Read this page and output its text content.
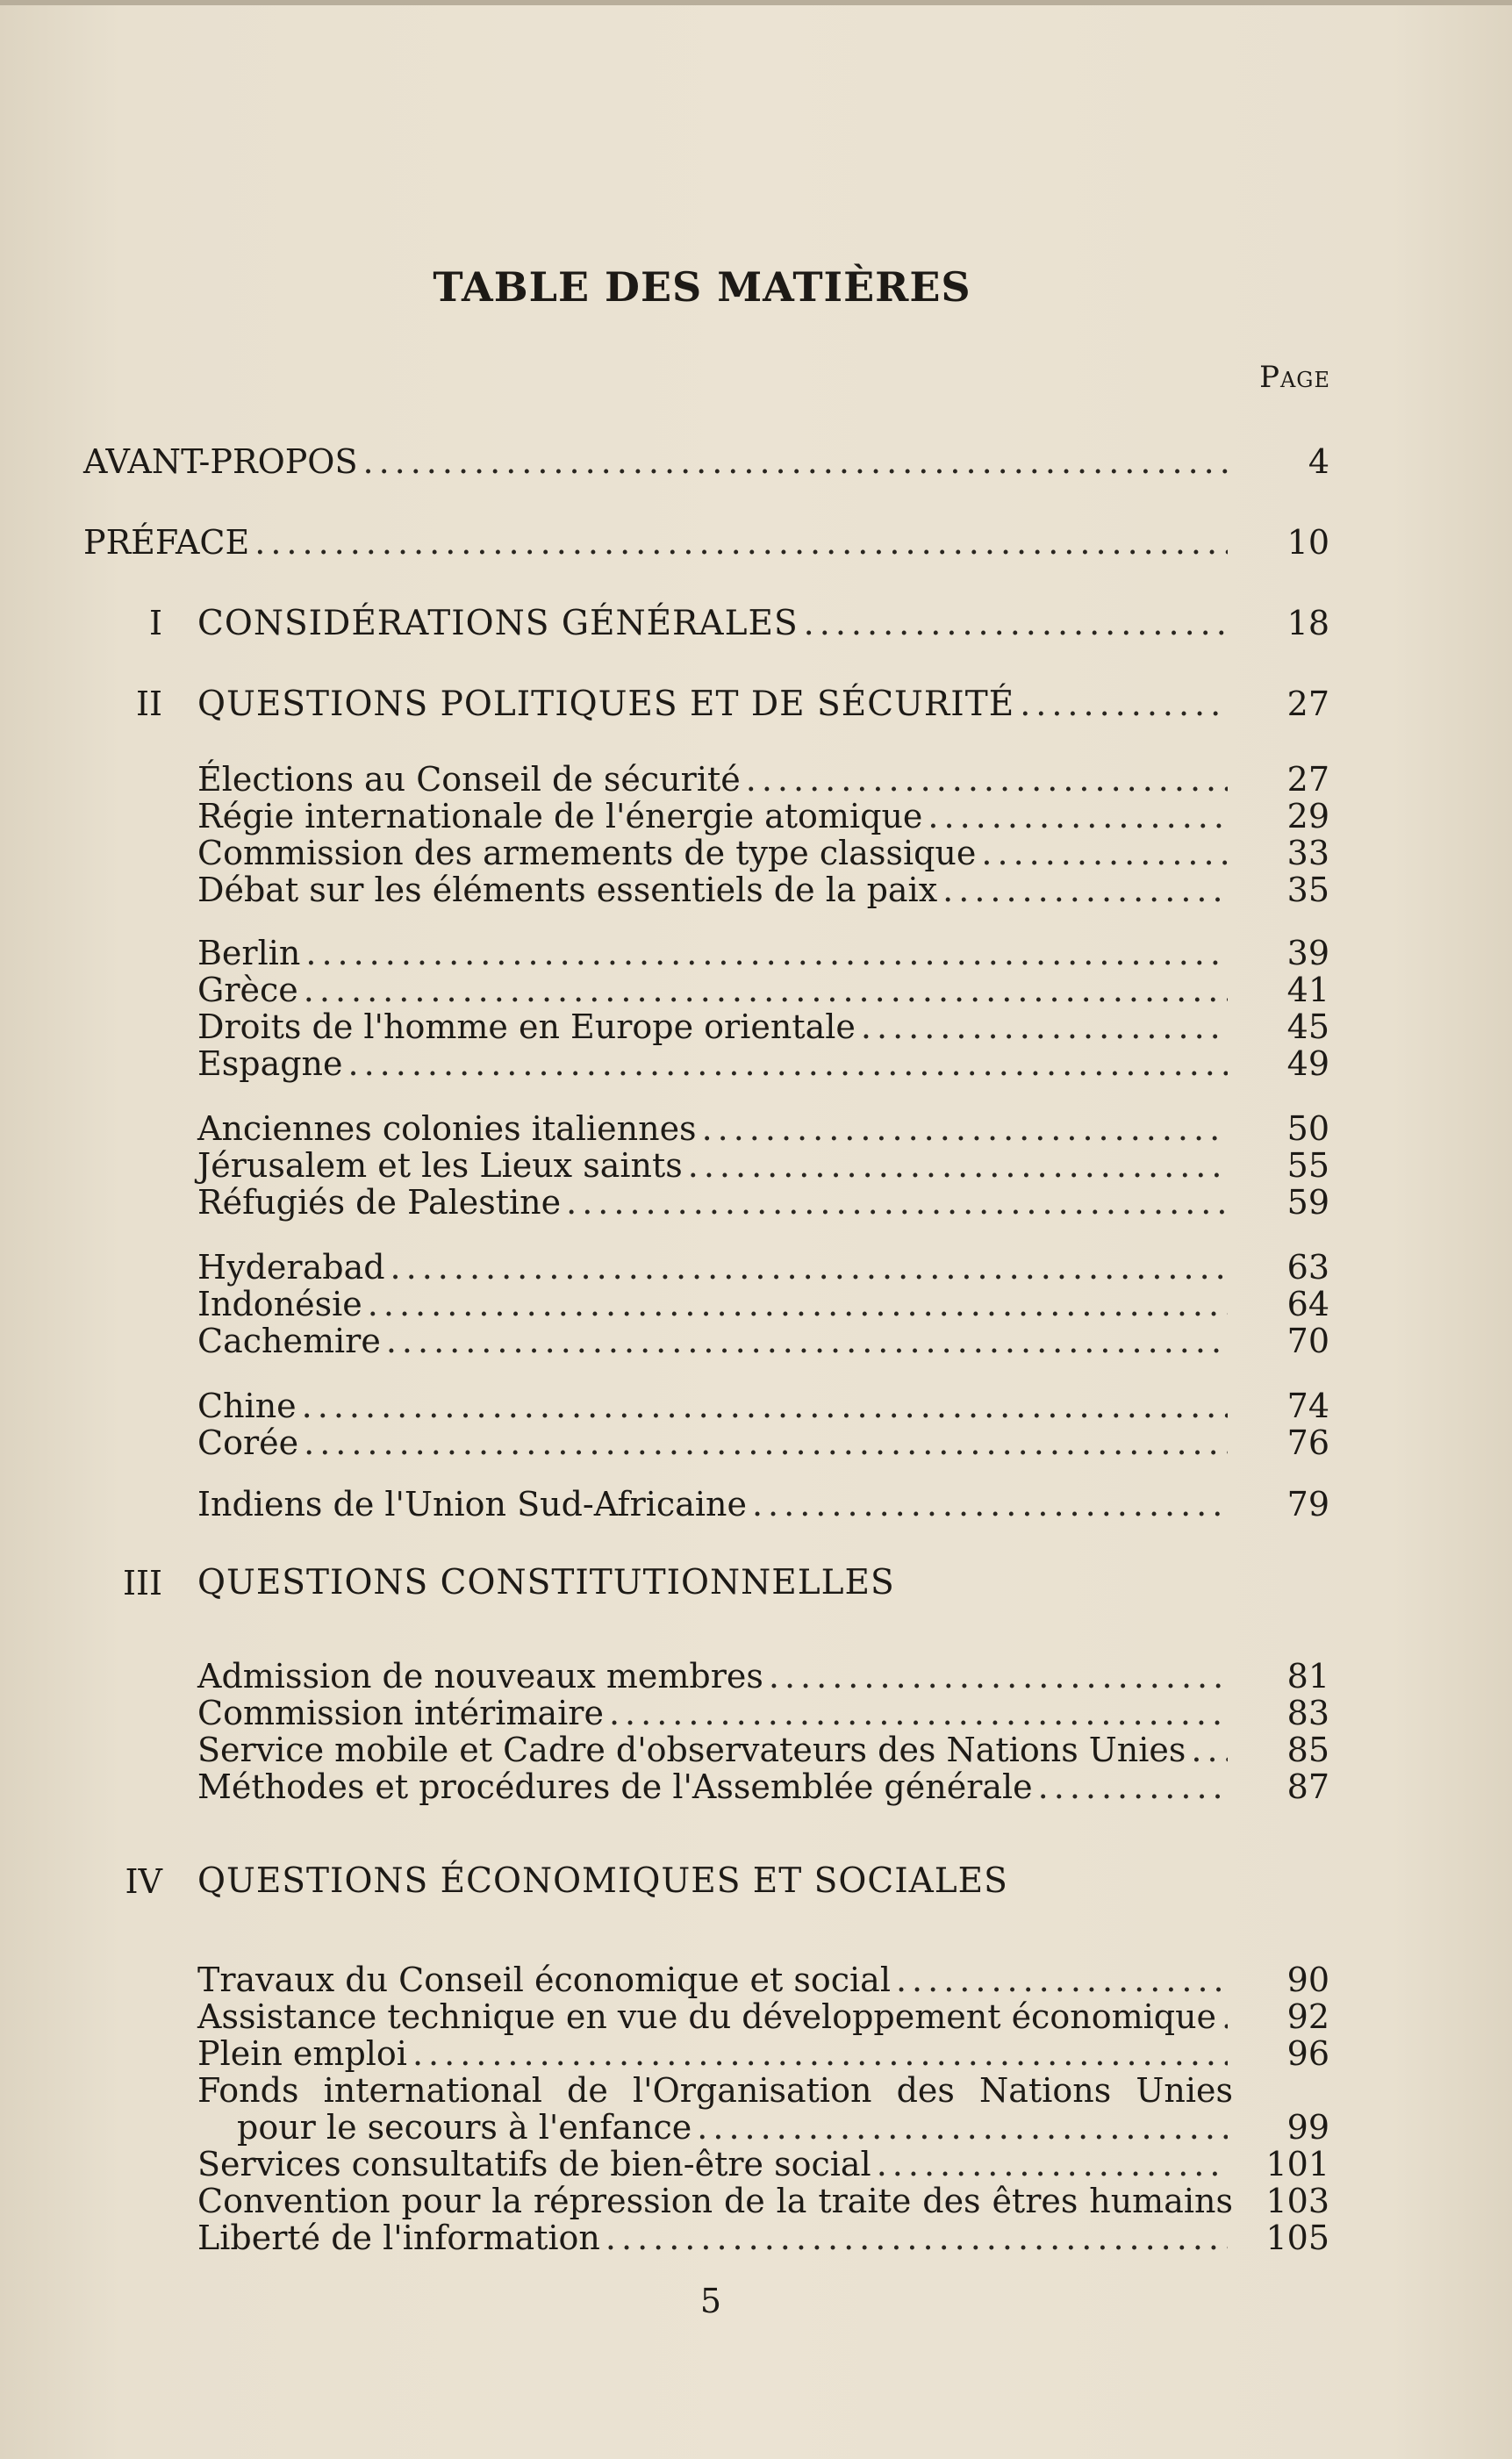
TABLE DES MATIÈRES
Page
AVANT-PROPOS .....	4
PRÉFACE .....	10
I CONSIDÉRATIONS GÉNÉRALES .....	18
II QUESTIONS POLITIQUES ET DE SÉCURITÉ .....	27
Élections au Conseil de sécurité .....	27
Régie internationale de l'énergie atomique .....	29
Commission des armements de type classique .....	33
Débat sur les éléments essentiels de la paix .....	35
Berlin .....	39
Grèce .....	41
Droits de l'homme en Europe orientale .....	45
Espagne .....	49
Anciennes colonies italiennes .....	50
Jérusalem et les Lieux saints .....	55
Réfugiés de Palestine .....	59
Hyderabad .....	63
Indonésie .....	64
Cachemire .....	70
Chine .....	74
Corée .....	76
Indiens de l'Union Sud-Africaine .....	79
III QUESTIONS CONSTITUTIONNELLES
Admission de nouveaux membres .....	81
Commission intérimaire .....	83
Service mobile et Cadre d'observateurs des Nations Unies .....	85
Méthodes et procédures de l'Assemblée générale .....	87
IV QUESTIONS ÉCONOMIQUES ET SOCIALES
Travaux du Conseil économique et social .....	90
Assistance technique en vue du développement économique .....	92
Plein emploi .....	96
Fonds international de l'Organisation des Nations Unies
pour le secours à l'enfance .....	99
Services consultatifs de bien-être social .....	101
Convention pour la répression de la traite des êtres humains 103
Liberté de l'information .....	105
5
